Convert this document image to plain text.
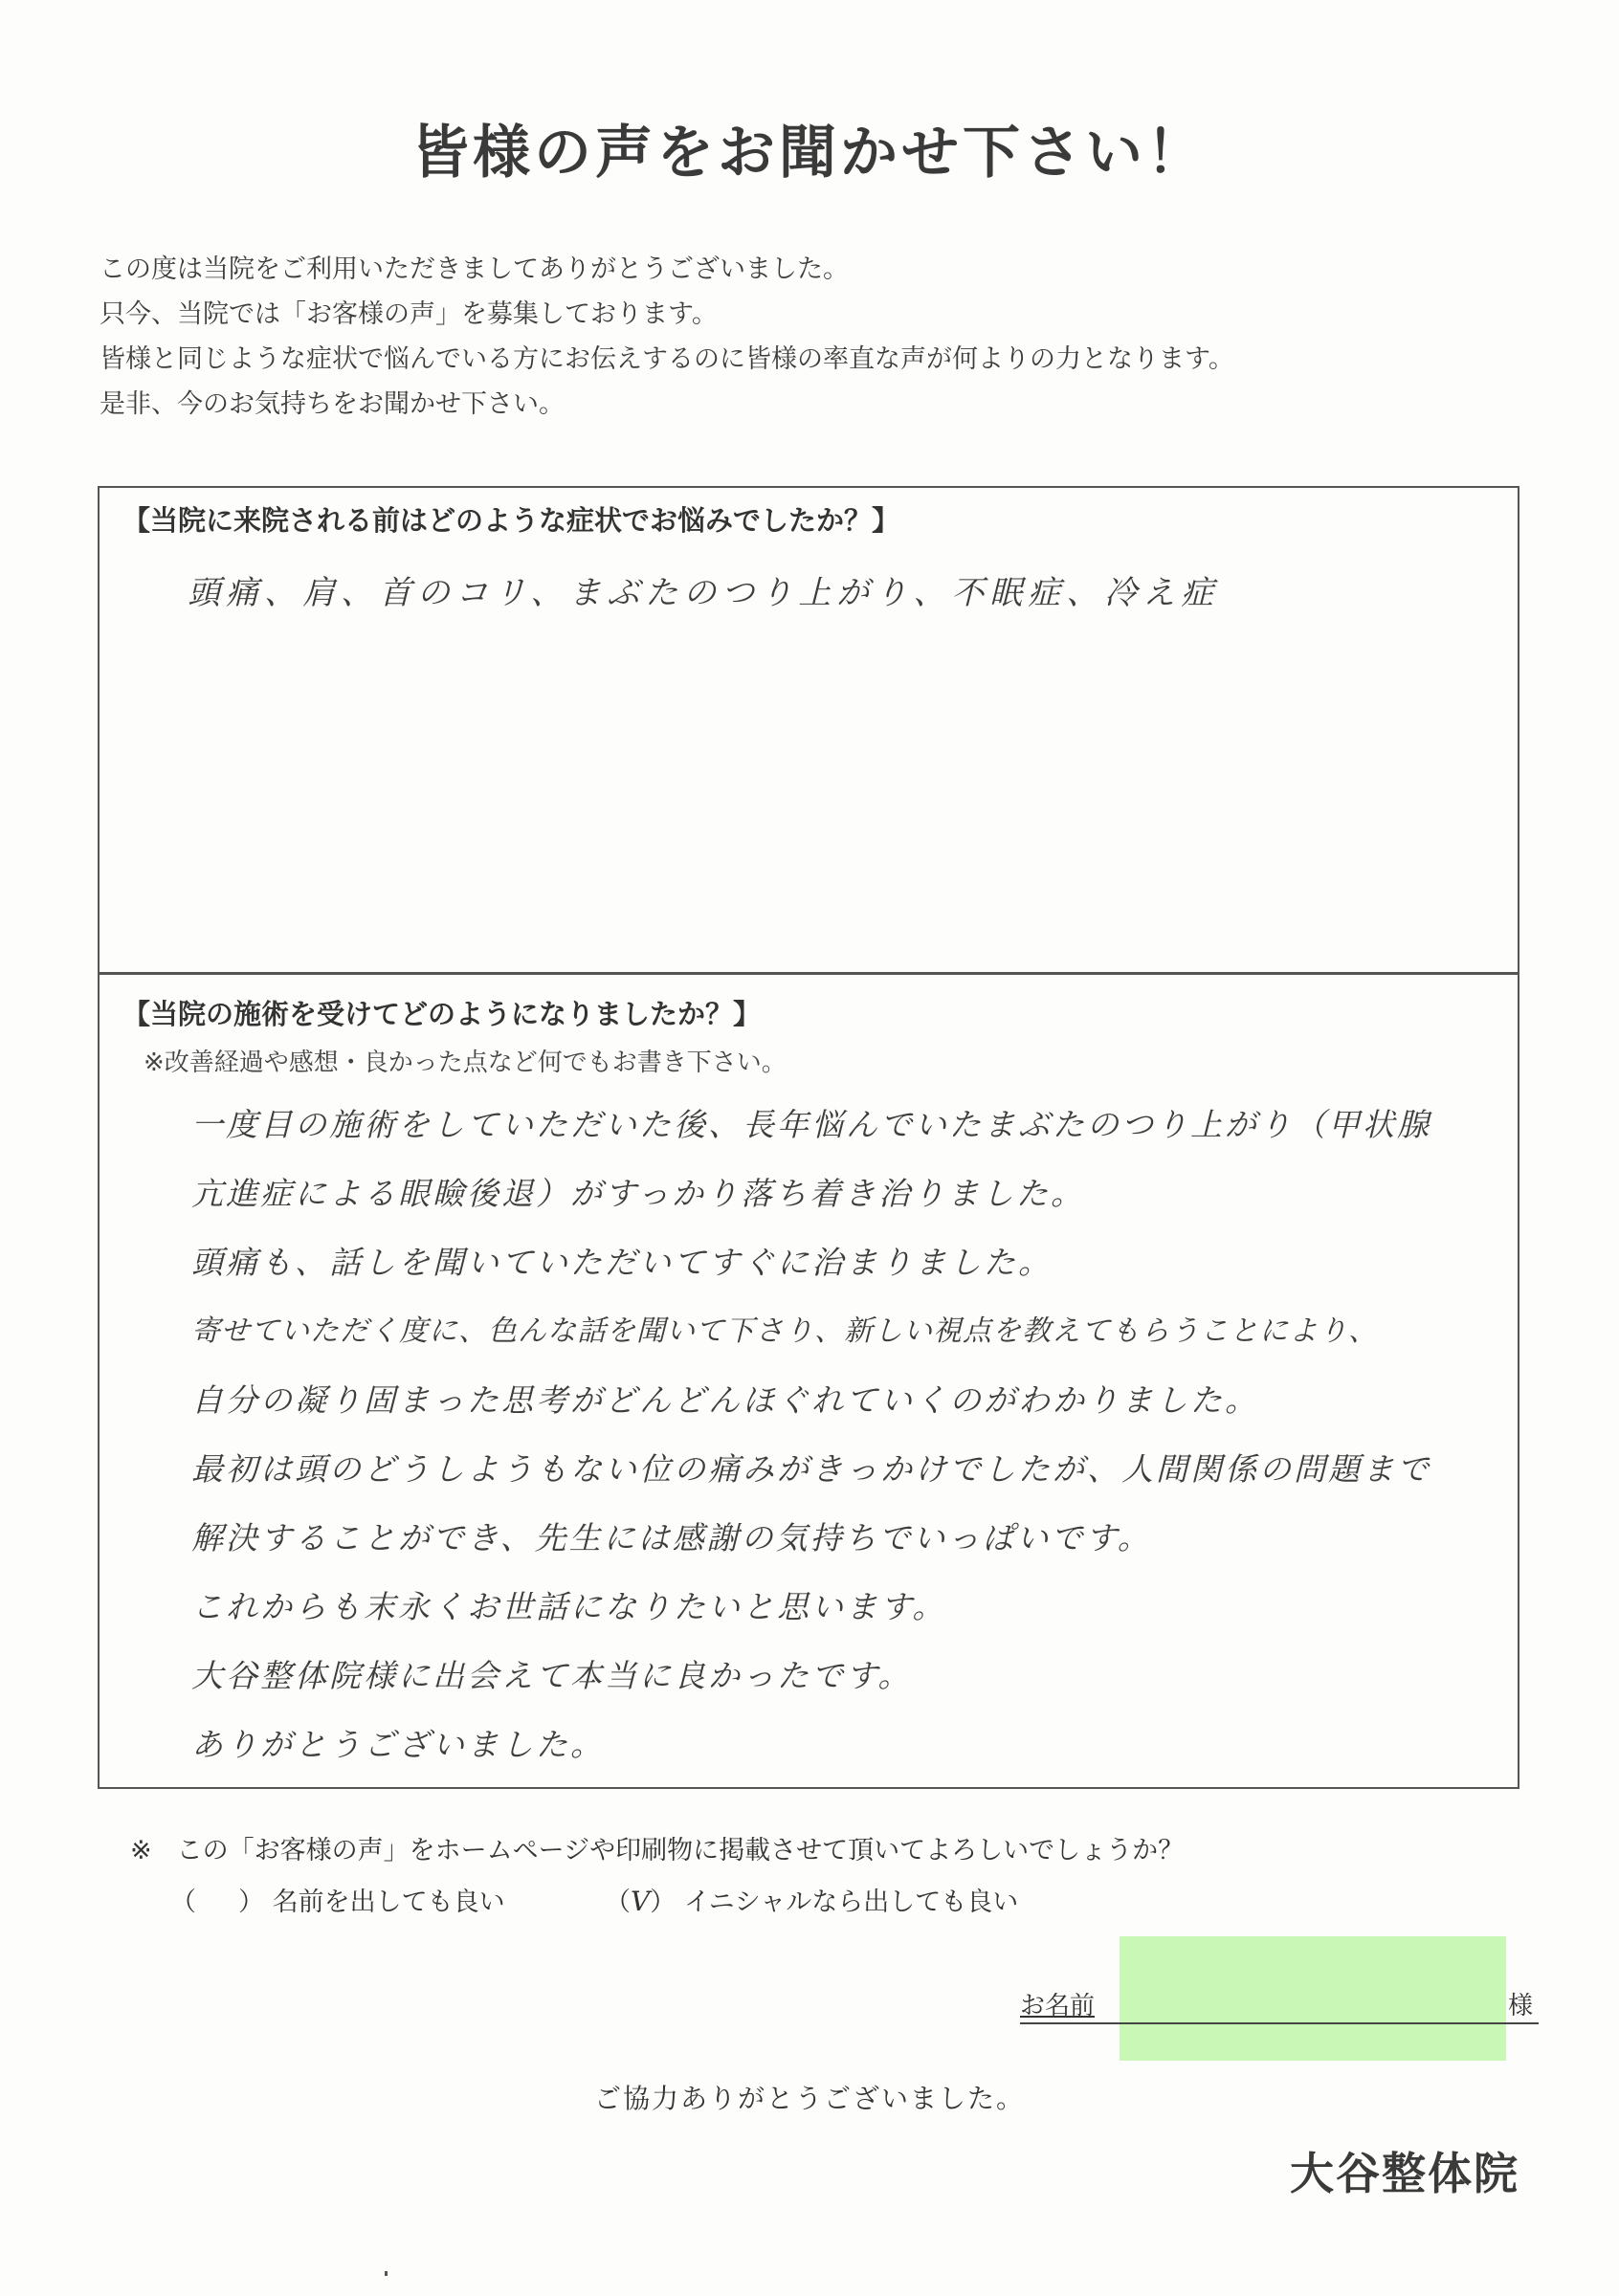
皆様の声をお聞かせ下さい！
この度は当院をご利用いただきましてありがとうございました。
只今、当院では「お客様の声」を募集しております。
皆様と同じような症状で悩んでいる方にお伝えするのに皆様の率直な声が何よりの力となります。
是非、今のお気持ちをお聞かせ下さい。
【当院に来院される前はどのような症状でお悩みでしたか？】
頭痛、肩、首のコリ、まぶたのつり上がり、不眠症、冷え症
【当院の施術を受けてどのようになりましたか？】
※改善経過や感想・良かった点など何でもお書き下さい。
一度目の施術をしていただいた後、長年悩んでいたまぶたのつり上がり（甲状腺
亢進症による眼瞼後退）がすっかり落ち着き治りました。
頭痛も、話しを聞いていただいてすぐに治まりました。
寄せていただく度に、色んな話を聞いて下さり、新しい視点を教えてもらうことにより、
自分の凝り固まった思考がどんどんほぐれていくのがわかりました。
最初は頭のどうしようもない位の痛みがきっかけでしたが、人間関係の問題まで
解決することができ、先生には感謝の気持ちでいっぱいです。
これからも末永くお世話になりたいと思います。
大谷整体院様に出会えて本当に良かったです。
ありがとうございました。
※ この「お客様の声」をホームページや印刷物に掲載させて頂いてよろしいでしょうか？
（ ） 名前を出しても良い	（V） イニシャルなら出しても良い
お名前	様
ご協力ありがとうございました。
大谷整体院
